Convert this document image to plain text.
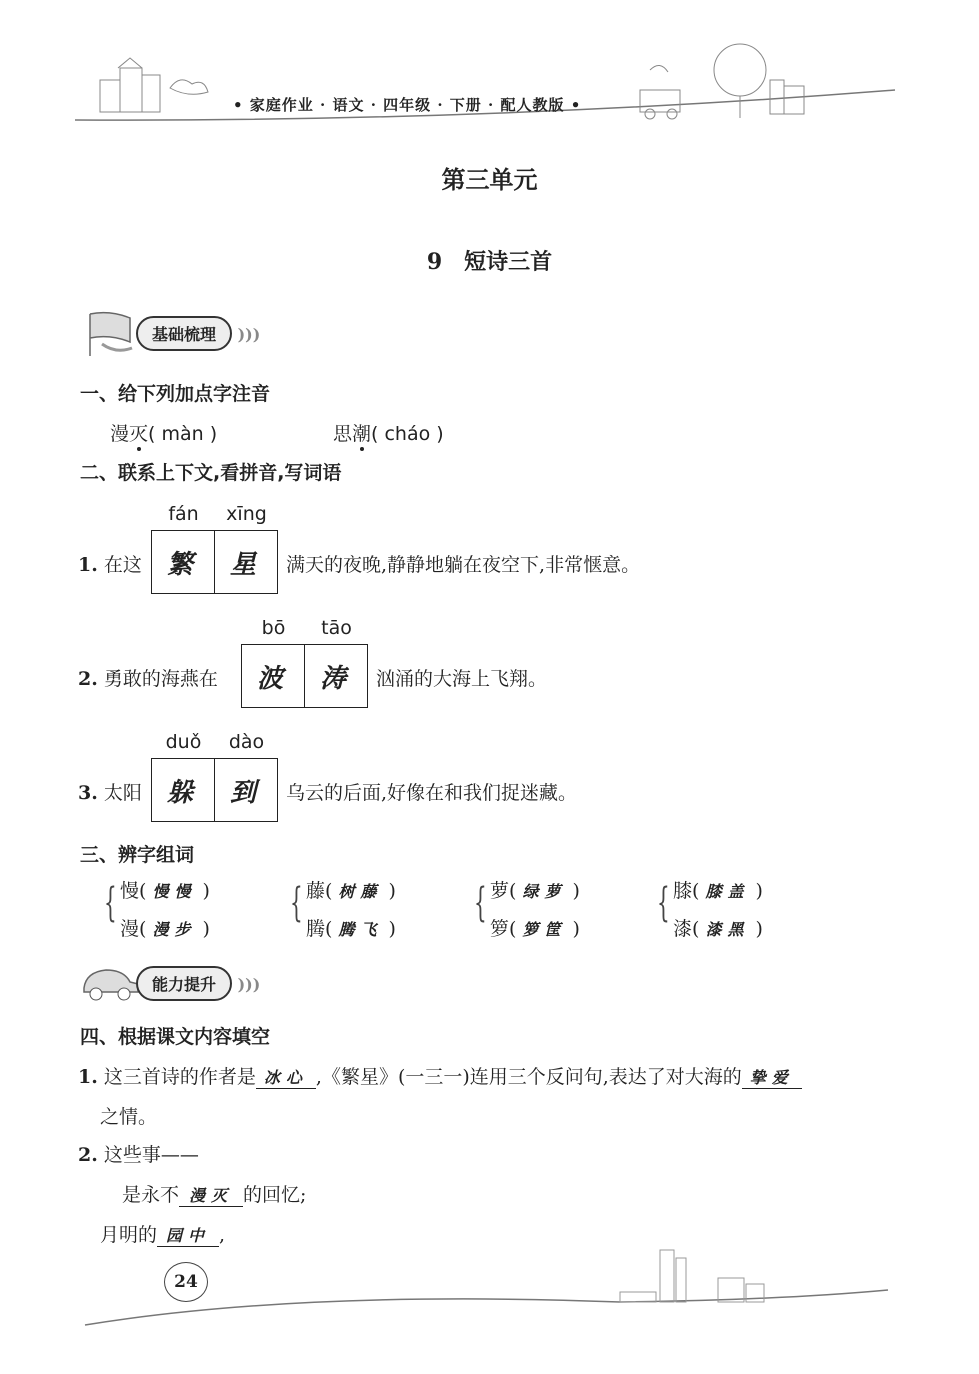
• 家庭作业 · 语文 · 四年级 · 下册 · 配人教版 •
第三单元
9　短诗三首
基础梳理 )))
一、给下列加点字注音
漫灭( màn )	思潮( cháo )
二、联系上下文,看拼音,写词语
fán	xīng
1. 在这 繁	星	满天的夜晚,静静地躺在夜空下,非常惬意。
bō	tāo
2. 勇敢的海燕在	波	涛	汹涌的大海上飞翔。
duǒ	dào
3. 太阳 躲	到	乌云的后面,好像在和我们捉迷藏。
三、辨字组词
{ 慢( 慢慢 )
漫( 漫步 )
{ 藤( 树藤 )
腾( 腾飞 )
{ 萝( 绿萝 )
箩( 箩筐 )
{ 膝( 膝盖 )
漆( 漆黑 )
能力提升 )))
四、根据课文内容填空
1. 这三首诗的作者是 冰心 ,《繁星》(一三一)连用三个反问句,表达了对大海的 挚爱
之情。
2. 这些事——
是永不 漫灭 的回忆;
月明的 园中 ,
24
